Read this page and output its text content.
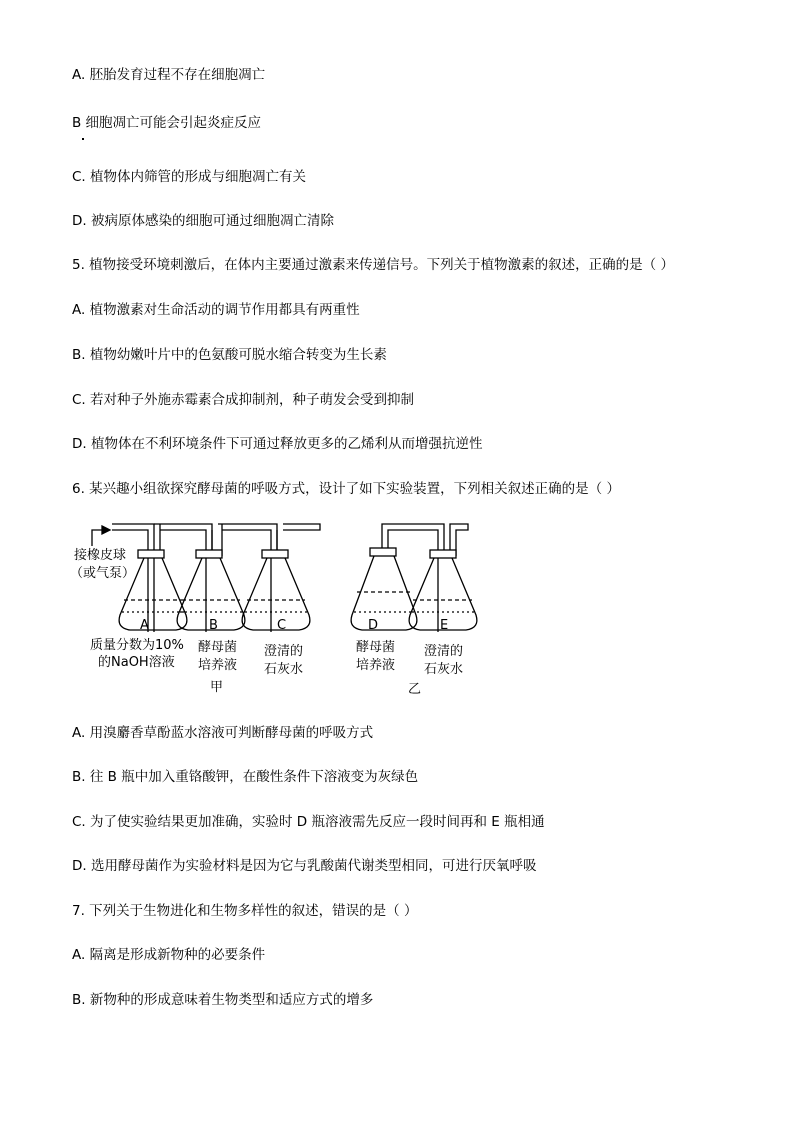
A. 胚胎发育过程不存在细胞凋亡
B 细胞凋亡可能会引起炎症反应
C. 植物体内筛管的形成与细胞凋亡有关
D. 被病原体感染的细胞可通过细胞凋亡清除
5. 植物接受环境刺激后，在体内主要通过激素来传递信号。下列关于植物激素的叙述，正确的是（ ）
A. 植物激素对生命活动的调节作用都具有两重性
B. 植物幼嫩叶片中的色氨酸可脱水缩合转变为生长素
C. 若对种子外施赤霉素合成抑制剂，种子萌发会受到抑制
D. 植物体在不利环境条件下可通过释放更多的乙烯利从而增强抗逆性
6. 某兴趣小组欲探究酵母菌的呼吸方式，设计了如下实验装置，下列相关叙述正确的是（ ）
接橡皮球
（或气泵）
A	B	C	D	E
质量分数为10%
的NaOH溶液
酵母菌
培养液
澄清的
石灰水
酵母菌
培养液
澄清的
石灰水
甲	乙
A. 用溴麝香草酚蓝水溶液可判断酵母菌的呼吸方式
B. 往 B 瓶中加入重铬酸钾，在酸性条件下溶液变为灰绿色
C. 为了使实验结果更加准确，实验时 D 瓶溶液需先反应一段时间再和 E 瓶相通
D. 选用酵母菌作为实验材料是因为它与乳酸菌代谢类型相同，可进行厌氧呼吸
7. 下列关于生物进化和生物多样性的叙述，错误的是（ ）
A. 隔离是形成新物种的必要条件
B. 新物种的形成意味着生物类型和适应方式的增多
